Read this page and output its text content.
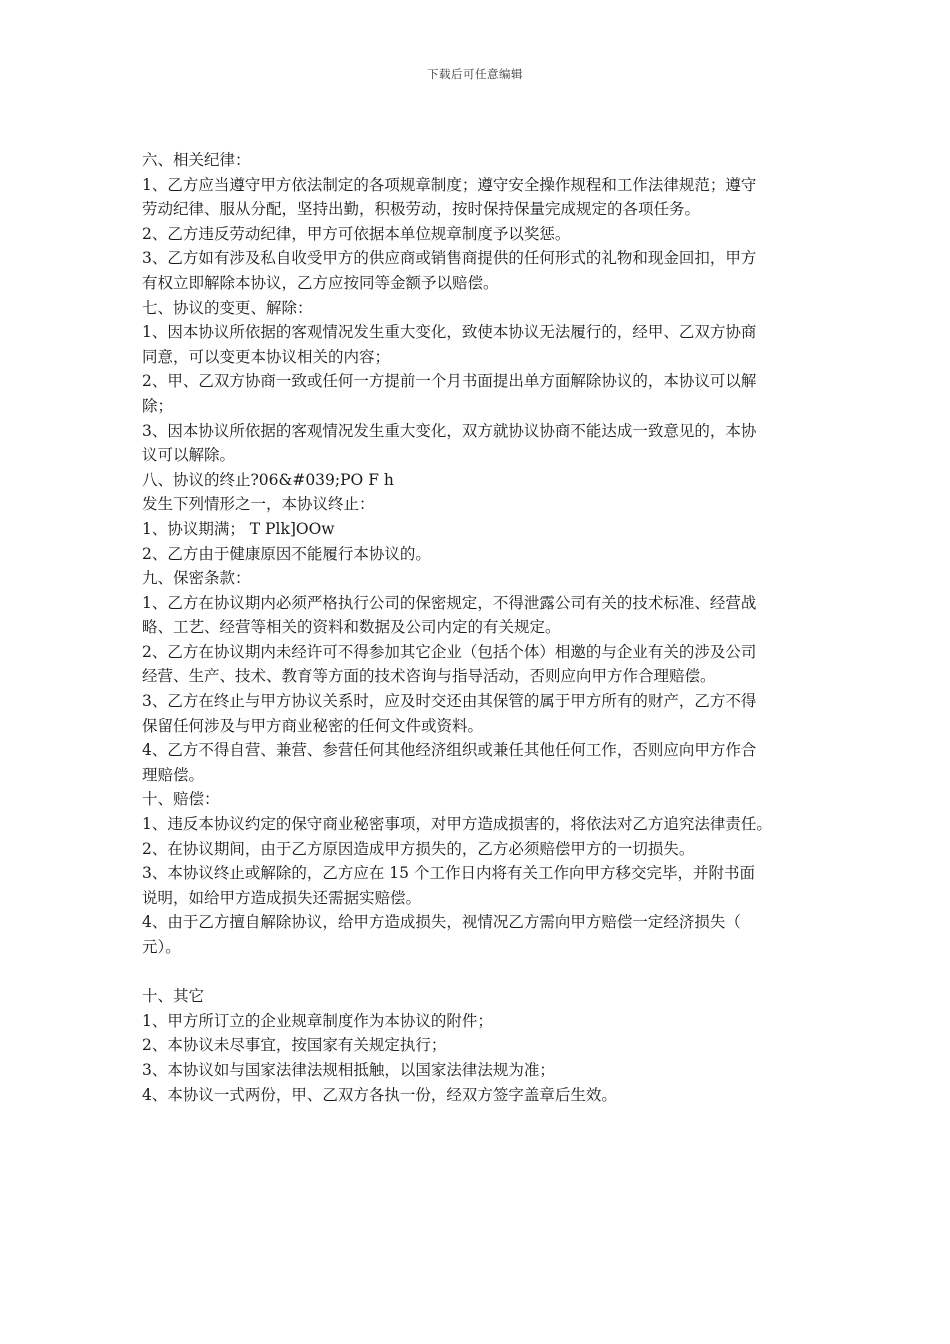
下载后可任意编辑
六、相关纪律：
1、乙方应当遵守甲方依法制定的各项规章制度；遵守安全操作规程和工作法律规范；遵守
劳动纪律、服从分配，坚持出勤，积极劳动，按时保持保量完成规定的各项任务。
2、乙方违反劳动纪律，甲方可依据本单位规章制度予以奖惩。
3、乙方如有涉及私自收受甲方的供应商或销售商提供的任何形式的礼物和现金回扣，甲方
有权立即解除本协议，乙方应按同等金额予以赔偿。
七、协议的变更、解除：
1、因本协议所依据的客观情况发生重大变化，致使本协议无法履行的，经甲、乙双方协商
同意，可以变更本协议相关的内容；
2、甲、乙双方协商一致或任何一方提前一个月书面提出单方面解除协议的，本协议可以解
除；
3、因本协议所依据的客观情况发生重大变化，双方就协议协商不能达成一致意见的，本协
议可以解除。
八、协议的终止?06&#039;PO F h
发生下列情形之一，本协议终止：
1、协议期满； T Plk]OOw
2、乙方由于健康原因不能履行本协议的。
九、保密条款：
1、乙方在协议期内必须严格执行公司的保密规定，不得泄露公司有关的技术标准、经营战
略、工艺、经营等相关的资料和数据及公司内定的有关规定。
2、乙方在协议期内未经许可不得参加其它企业（包括个体）相邀的与企业有关的涉及公司
经营、生产、技术、教育等方面的技术咨询与指导活动，否则应向甲方作合理赔偿。
3、乙方在终止与甲方协议关系时，应及时交还由其保管的属于甲方所有的财产，乙方不得
保留任何涉及与甲方商业秘密的任何文件或资料。
4、乙方不得自营、兼营、参营任何其他经济组织或兼任其他任何工作，否则应向甲方作合
理赔偿。
十、赔偿：
1、违反本协议约定的保守商业秘密事项，对甲方造成损害的，将依法对乙方追究法律责任。
2、在协议期间，由于乙方原因造成甲方损失的，乙方必须赔偿甲方的一切损失。
3、本协议终止或解除的，乙方应在 15 个工作日内将有关工作向甲方移交完毕，并附书面
说明，如给甲方造成损失还需据实赔偿。
4、由于乙方擅自解除协议，给甲方造成损失，视情况乙方需向甲方赔偿一定经济损失（
元）。
十、其它
1、甲方所订立的企业规章制度作为本协议的附件；
2、本协议未尽事宜，按国家有关规定执行；
3、本协议如与国家法律法规相抵触，以国家法律法规为准；
4、本协议一式两份，甲、乙双方各执一份，经双方签字盖章后生效。
